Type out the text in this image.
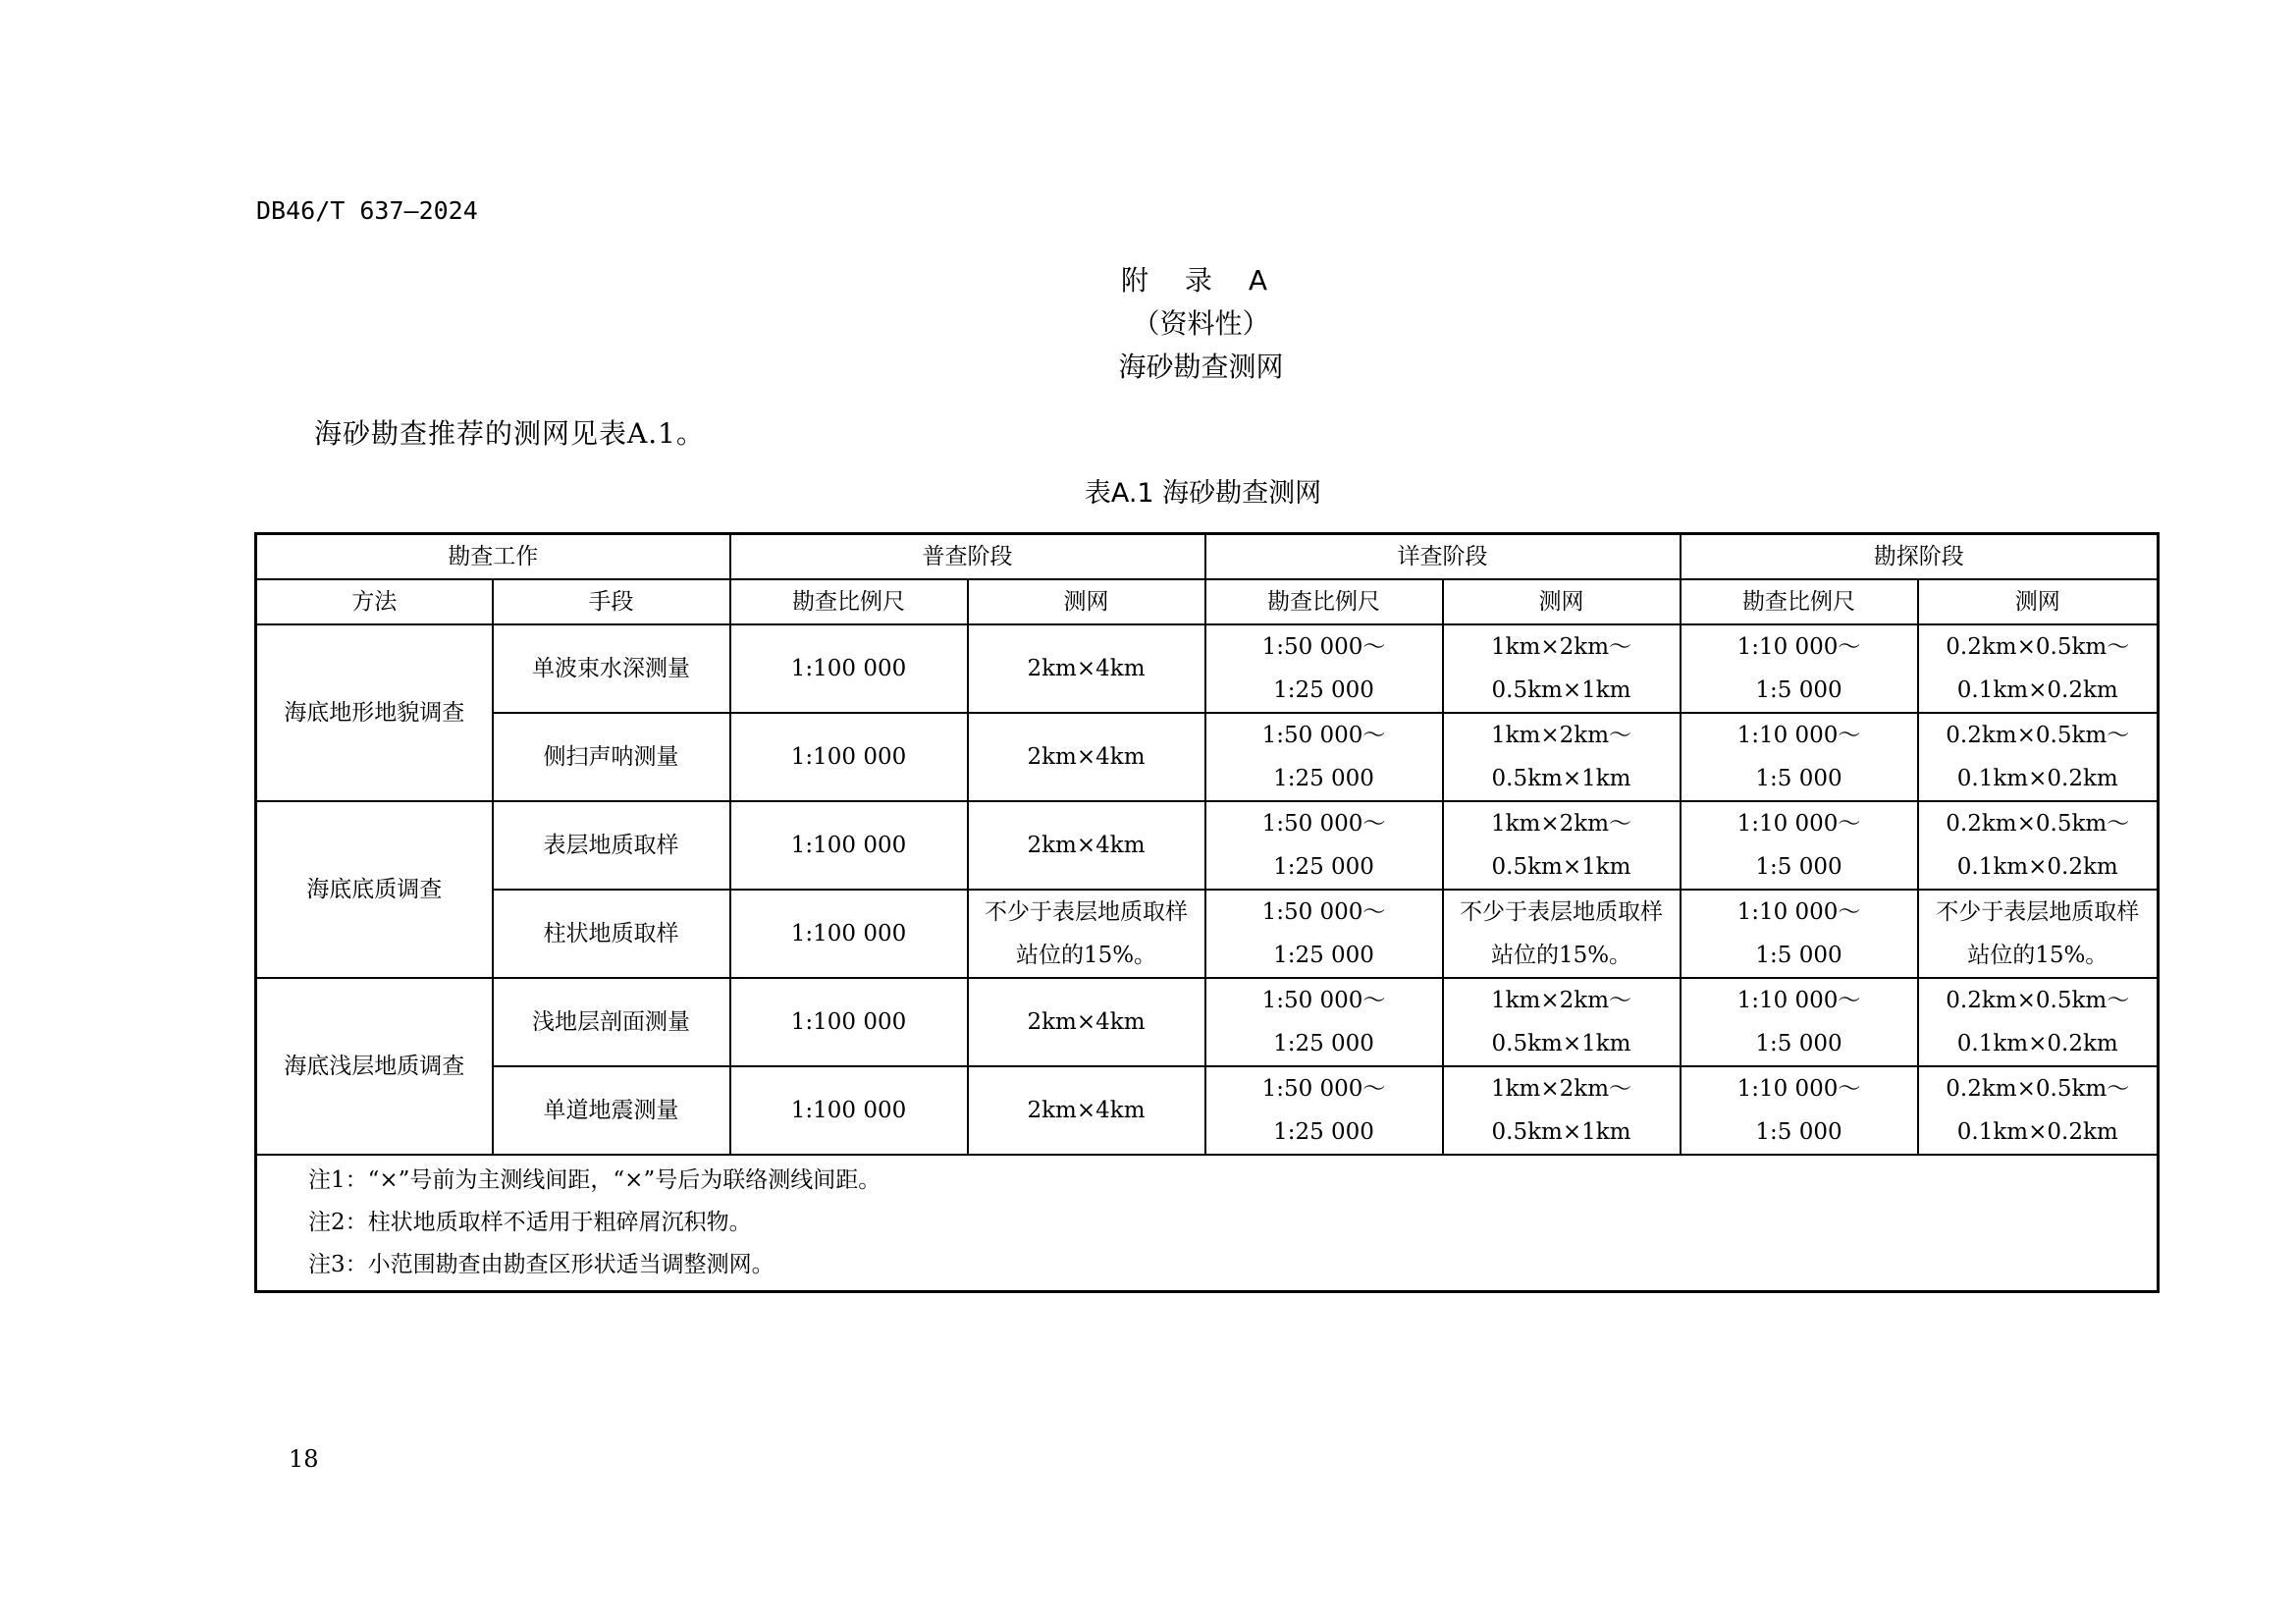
DB46/T 637—2024
附 录 A
（资料性）
海砂勘查测网
海砂勘查推荐的测网见表A.1。
表A.1 海砂勘查测网
勘查工作		普查阶段		详查阶段		勘探阶段	
方法	手段	勘查比例尺	测网	勘查比例尺	测网	勘查比例尺	测网
海底地形地貌调查	单波束水深测量	1:100 000	2km×4km	1:50 000～
1:25 000	1km×2km～
0.5km×1km	1:10 000～
1:5 000	0.2km×0.5km～
0.1km×0.2km

	侧扫声呐测量	1:100 000	2km×4km	1:50 000～
1:25 000	1km×2km～
0.5km×1km	1:10 000～
1:5 000	0.2km×0.5km～
0.1km×0.2km

海底底质调查	表层地质取样	1:100 000	2km×4km	1:50 000～
1:25 000	1km×2km～
0.5km×1km	1:10 000～
1:5 000	0.2km×0.5km～
0.1km×0.2km

	柱状地质取样	1:100 000	不少于表层地质取样
站位的15%。	1:50 000～
1:25 000	不少于表层地质取样
站位的15%。	1:10 000～
1:5 000	不少于表层地质取样
站位的15%。

海底浅层地质调查	浅地层剖面测量	1:100 000	2km×4km	1:50 000～
1:25 000	1km×2km～
0.5km×1km	1:10 000～
1:5 000	0.2km×0.5km～
0.1km×0.2km

	单道地震测量	1:100 000	2km×4km	1:50 000～
1:25 000	1km×2km～
0.5km×1km	1:10 000～
1:5 000	0.2km×0.5km～
0.1km×0.2km

注1：“×”号前为主测线间距，“×”号后为联络测线间距。
注2：柱状地质取样不适用于粗碎屑沉积物。
注3：小范围勘查由勘查区形状适当调整测网。							
18
